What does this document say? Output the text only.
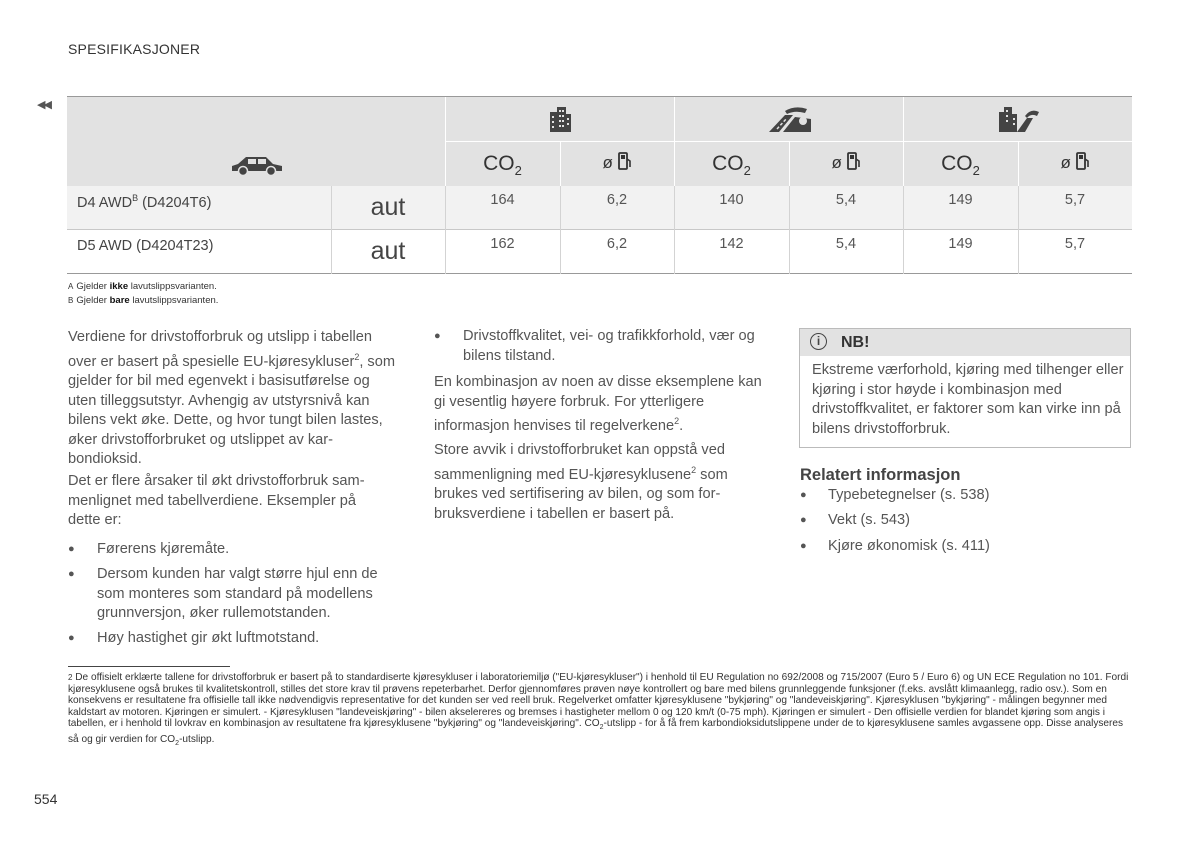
SPESIFIKASJONER
◀◀
$CO_2$	ø	$CO_2$	ø	$CO_2$	ø
D4 $AWD^B$ (D4204T6)	aut	164	6,2	140	5,4	149	5,7
D5 AWD (D4204T23)	aut	162	6,2	142	5,4	149	5,7
A Gjelder ikke lavutslippsvarianten.
B Gjelder bare lavutslippsvarianten.
Verdiene for drivstofforbruk og utslipp i tabellen over er basert på spesielle EU-kjøresykluser$^2$, som gjelder for bil med egenvekt i basisutførelse og uten tilleggsutstyr. Avhengig av utstyrsnivå kan bilens vekt øke. Dette, og hvor tungt bilen lastes, øker drivstofforbruket og utslippet av karbondioksid.
Det er flere årsaker til økt drivstofforbruk sammenlignet med tabellverdiene. Eksempler på dette er:
● Førerens kjøremåte.
● Dersom kunden har valgt større hjul enn de som monteres som standard på modellens grunnversjon, øker rullemotstanden.
● Høy hastighet gir økt luftmotstand.
● Drivstoffkvalitet, vei- og trafikkforhold, vær og bilens tilstand.
En kombinasjon av noen av disse eksemplene kan gi vesentlig høyere forbruk. For ytterligere informasjon henvises til regelverkene$^2$.
Store avvik i drivstofforbruket kan oppstå ved sammenligning med EU-kjøresyklusene$^2$ som brukes ved sertifisering av bilen, og som forbruksverdiene i tabellen er basert på.
i	NB!
Ekstreme værforhold, kjøring med tilhenger eller kjøring i stor høyde i kombinasjon med drivstoffkvalitet, er faktorer som kan virke inn på bilens drivstofforbruk.
Relatert informasjon
● Typebetegnelser (s. 538)
● Vekt (s. 543)
● Kjøre økonomisk (s. 411)
2 De offisielt erklærte tallene for drivstofforbruk er basert på to standardiserte kjøresykluser i laboratoriemiljø ("EU-kjøresykluser") i henhold til EU Regulation no 692/2008 og 715/2007 (Euro 5 / Euro 6) og UN ECE Regulation no 101. Fordi kjøresyklusene også brukes til kvalitetskontroll, stilles det store krav til prøvens repeterbarhet. Derfor gjennomføres prøven nøye kontrollert og bare med bilens grunnleggende funksjoner (f.eks. avslått klimaanlegg, radio osv.). Som en konsekvens er resultatene fra offisielle tall ikke nødvendigvis representative for det kunden ser ved reell bruk. Regelverket omfatter kjøresyklusene "bykjøring" og "landeveiskjøring". Kjøresyklusen "bykjøring" - målingen begynner med kaldstart av motoren. Kjøringen er simulert. - Kjøresyklusen "landeveiskjøring" - bilen akselereres og bremses i hastigheter mellom 0 og 120 km/t (0-75 mph). Kjøringen er simulert - Den offisielle verdien for blandet kjøring som angis i tabellen, er i henhold til lovkrav en kombinasjon av resultatene fra kjøresyklusene "bykjøring" og "landeveiskjøring". $CO_2$-utslipp - for å få frem karbondioksidutslippene under de to kjøresyklusene samles avgassene opp. Disse analyseres så og gir verdien for $CO_2$-utslipp.
554
